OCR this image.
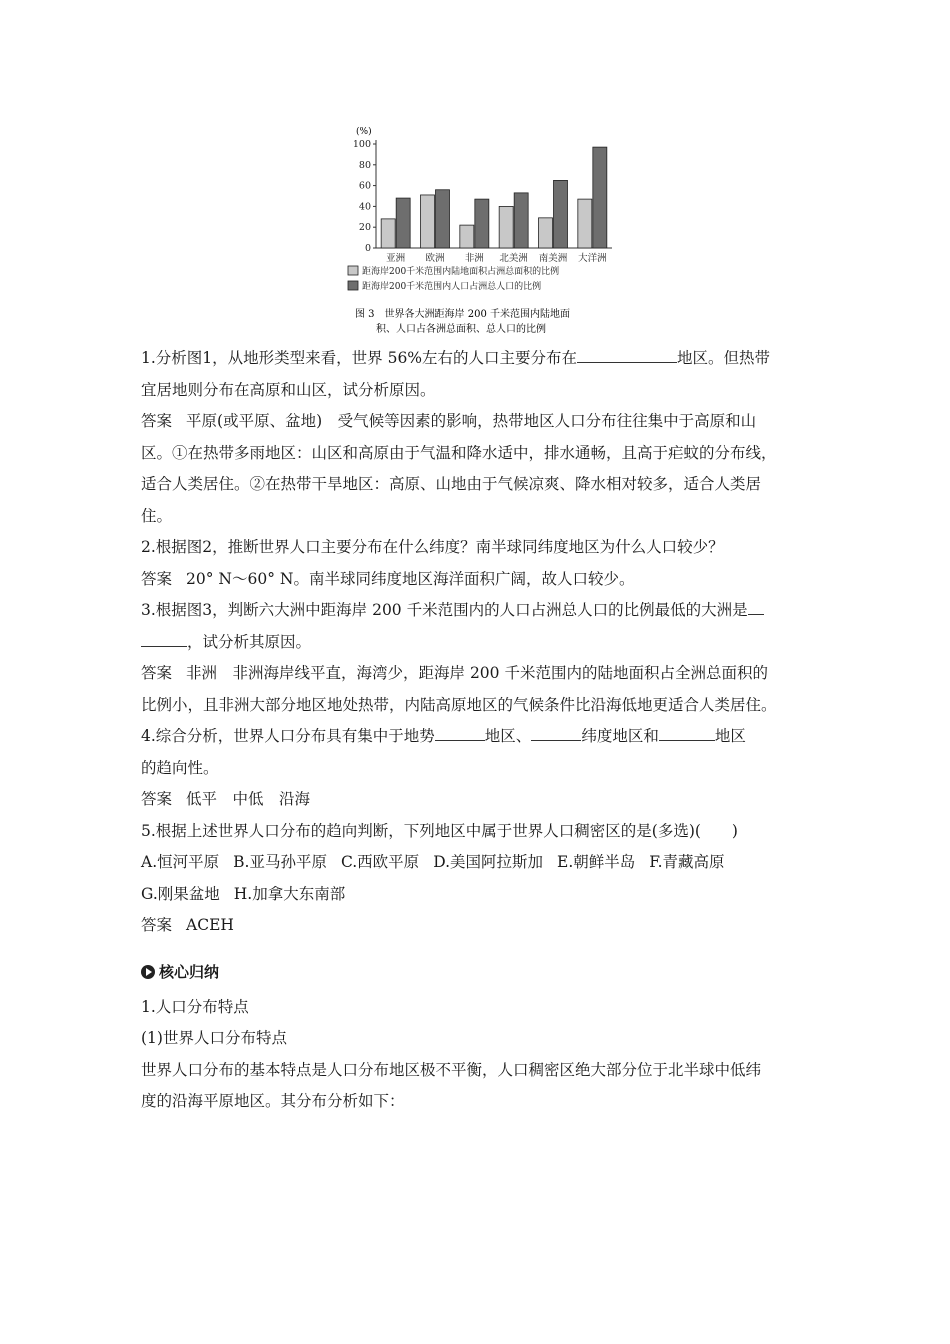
(%)
0
20
40
60
80
100
亚洲 欧洲 非洲 北美洲 南美洲 大洋洲
距海岸200千米范围内陆地面积占洲总面积的比例
距海岸200千米范围内人口占洲总人口的比例
图 3　世界各大洲距海岸 200 千米范围内陆地面
积、人口占各洲总面积、总人口的比例
1.分析图1，从地形类型来看，世界 56%左右的人口主要分布在	地区。但热带
宜居地则分布在高原和山区，试分析原因。
答案 平原(或平原、盆地)　受气候等因素的影响，热带地区人口分布往往集中于高原和山
区。①在热带多雨地区：山区和高原由于气温和降水适中，排水通畅，且高于疟蚊的分布线，
适合人类居住。②在热带干旱地区：高原、山地由于气候凉爽、降水相对较多，适合人类居
住。
2.根据图2，推断世界人口主要分布在什么纬度？南半球同纬度地区为什么人口较少？
答案 20° N～60° N。南半球同纬度地区海洋面积广阔，故人口较少。
3.根据图3，判断六大洲中距海岸 200 千米范围内的人口占洲总人口的比例最低的大洲是
，试分析其原因。
答案 非洲　非洲海岸线平直，海湾少，距海岸 200 千米范围内的陆地面积占全洲总面积的
比例小，且非洲大部分地区地处热带，内陆高原地区的气候条件比沿海低地更适合人类居住。
4.综合分析，世界人口分布具有集中于地势	地区、	纬度地区和	地区
的趋向性。
答案 低平　中低　沿海
5.根据上述世界人口分布的趋向判断，下列地区中属于世界人口稠密区的是(多选)(　　)
A.恒河平原 B.亚马孙平原 C.西欧平原 D.美国阿拉斯加 E.朝鲜半岛 F.青藏高原
G.刚果盆地 H.加拿大东南部
答案 ACEH
核心归纳
1.人口分布特点
(1)世界人口分布特点
世界人口分布的基本特点是人口分布地区极不平衡，人口稠密区绝大部分位于北半球中低纬
度的沿海平原地区。其分布分析如下：
